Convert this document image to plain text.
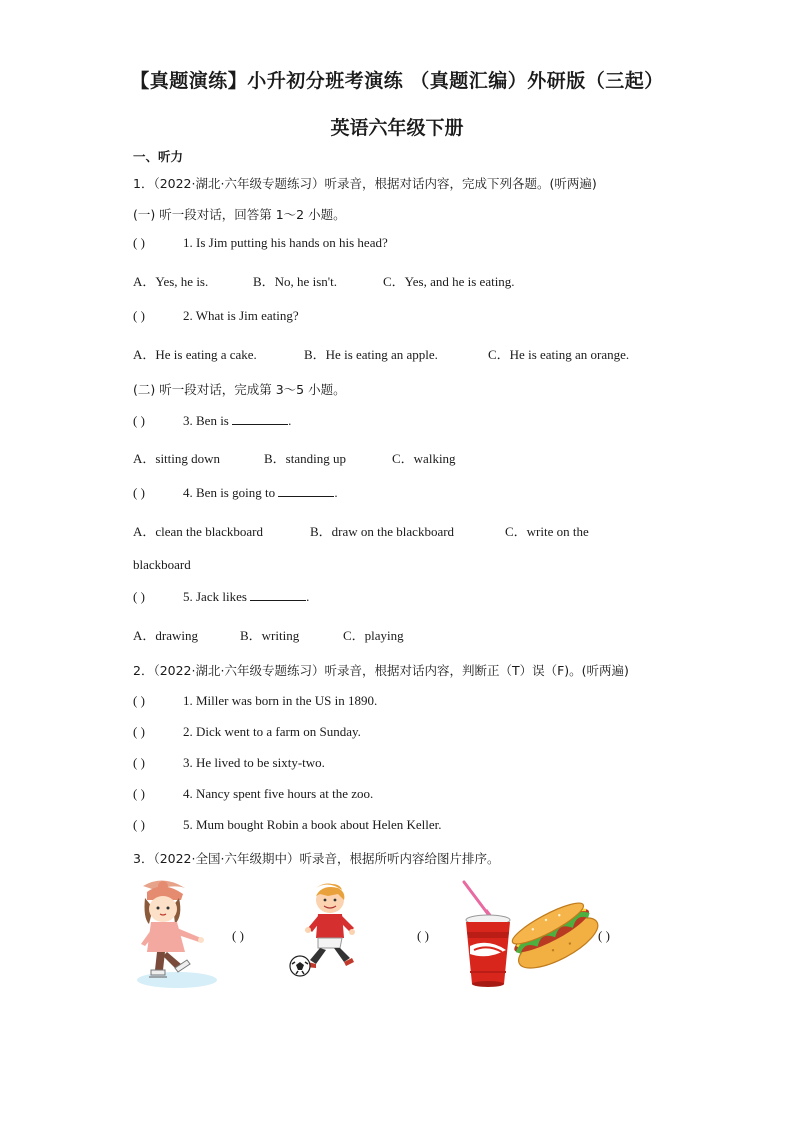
【真题演练】小升初分班考演练 （真题汇编）外研版（三起）
英语六年级下册
一、听力
1．（2022·湖北·六年级专题练习）听录音，根据对话内容，完成下列各题。(听两遍)
(一) 听一段对话，回答第 1～2 小题。
( )	1. Is Jim putting his hands on his head?
A．Yes, he is.	B．No, he isn't.	C．Yes, and he is eating.
( )	2. What is Jim eating?
A．He is eating a cake.	B．He is eating an apple.	C．He is eating an orange.
(二) 听一段对话，完成第 3～5 小题。
( )	3. Ben is	.
A．sitting down	B．standing up	C．walking
( )	4. Ben is going to	.
A．clean the blackboard	B．draw on the blackboard	C．write on the
blackboard
( )	5. Jack likes	.
A．drawing	B．writing	C．playing
2．（2022·湖北·六年级专题练习）听录音，根据对话内容，判断正（T）误（F)。(听两遍)
( )	1. Miller was born in the US in 1890.
( )	2. Dick went to a farm on Sunday.
( )	3. He lived to be sixty-two.
( )	4. Nancy spent five hours at the zoo.
( )	5. Mum bought Robin a book about Helen Keller.
3．（2022·全国·六年级期中）听录音，根据所听内容给图片排序。
( )	( )	( )
